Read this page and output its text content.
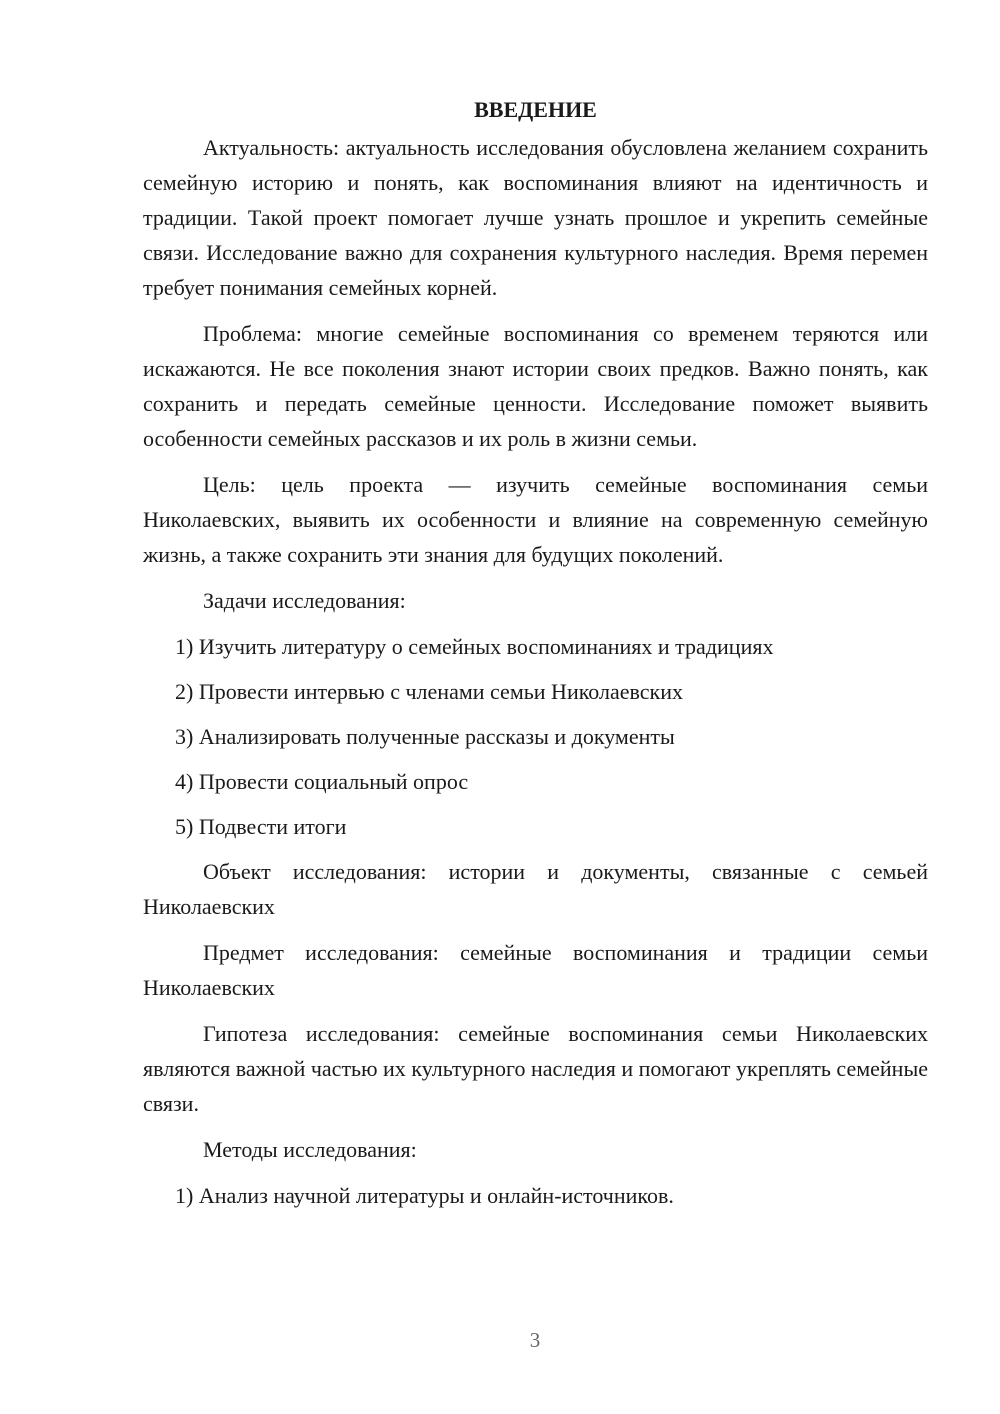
ВВЕДЕНИЕ

Актуальность: актуальность исследования обусловлена желанием сохранить семейную историю и понять, как воспоминания влияют на идентичность и традиции. Такой проект помогает лучше узнать прошлое и укрепить семейные связи. Исследование важно для сохранения культурного наследия. Время перемен требует понимания семейных корней.

Проблема: многие семейные воспоминания со временем теряются или искажаются. Не все поколения знают истории своих предков. Важно понять, как сохранить и передать семейные ценности. Исследование поможет выявить особенности семейных рассказов и их роль в жизни семьи.

Цель: цель проекта — изучить семейные воспоминания семьи Николаевских, выявить их особенности и влияние на современную семейную жизнь, а также сохранить эти знания для будущих поколений.

Задачи исследования:

1) Изучить литературу о семейных воспоминаниях и традициях
2) Провести интервью с членами семьи Николаевских
3) Анализировать полученные рассказы и документы
4) Провести социальный опрос
5) Подвести итоги

Объект исследования: истории и документы, связанные с семьей Николаевских

Предмет исследования: семейные воспоминания и традиции семьи Николаевских

Гипотеза исследования: семейные воспоминания семьи Николаевских являются важной частью их культурного наследия и помогают укреплять семейные связи.

Методы исследования:

1) Анализ научной литературы и онлайн-источников.
3
